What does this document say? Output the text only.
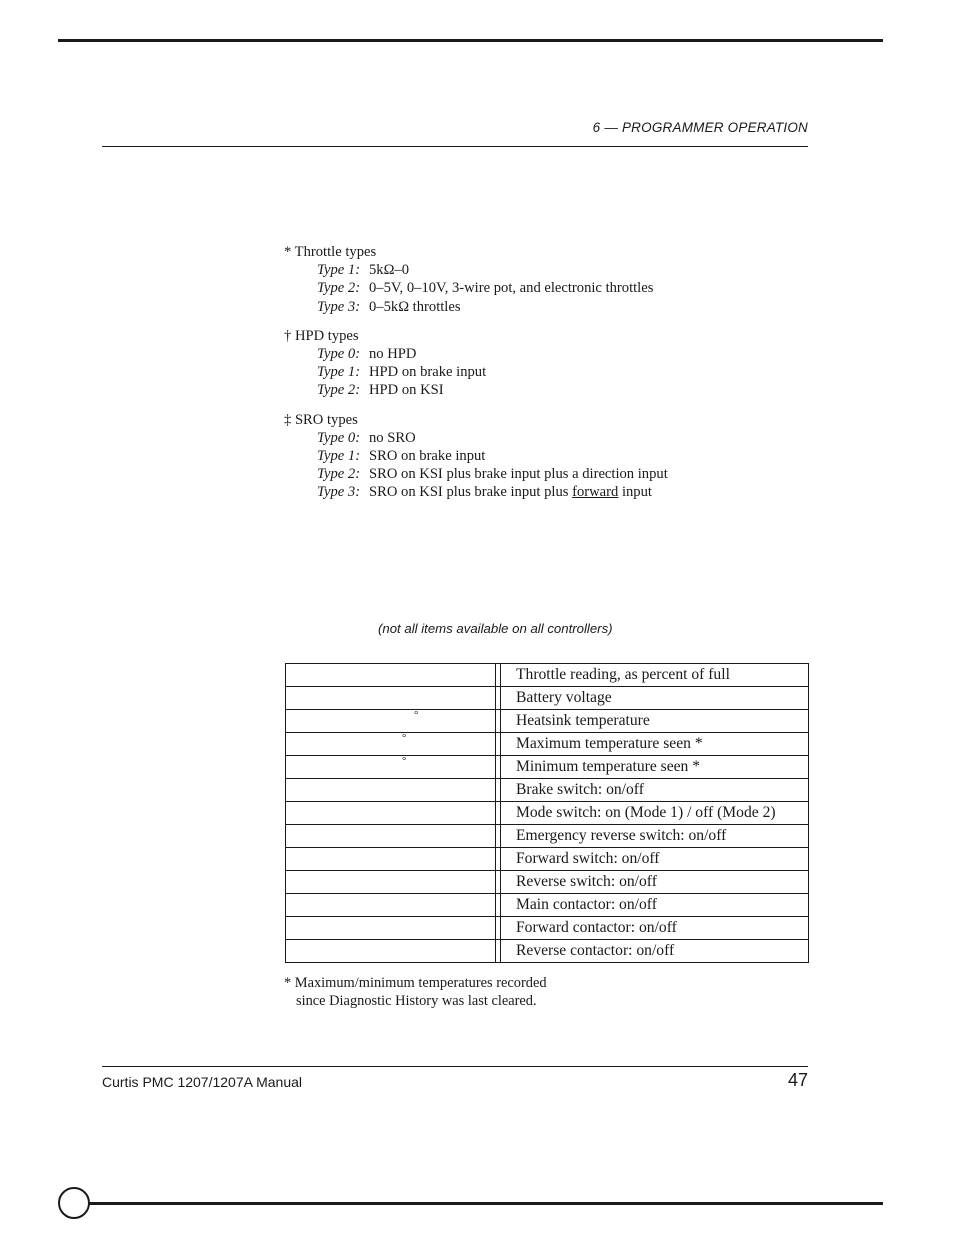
6 — PROGRAMMER OPERATION
* Throttle types
Type 1: 5kΩ–0
Type 2: 0–5V, 0–10V, 3-wire pot, and electronic throttles
Type 3: 0–5kΩ throttles
† HPD types
Type 0: no HPD
Type 1: HPD on brake input
Type 2: HPD on KSI
‡ SRO types
Type 0: no SRO
Type 1: SRO on brake input
Type 2: SRO on KSI plus brake input plus a direction input
Type 3: SRO on KSI plus brake input plus forward input
(not all items available on all controllers)
		Throttle reading, as percent of full
		Battery voltage

°		Heatsink temperature

°		Maximum temperature seen *

°		Minimum temperature seen *
		Brake switch: on/off
		Mode switch: on (Mode 1) / off (Mode 2)
		Emergency reverse switch: on/off
		Forward switch: on/off
		Reverse switch: on/off
		Main contactor: on/off
		Forward contactor: on/off
		Reverse contactor: on/off
* Maximum/minimum temperatures recorded
since Diagnostic History was last cleared.
Curtis PMC 1207/1207A Manual	47
